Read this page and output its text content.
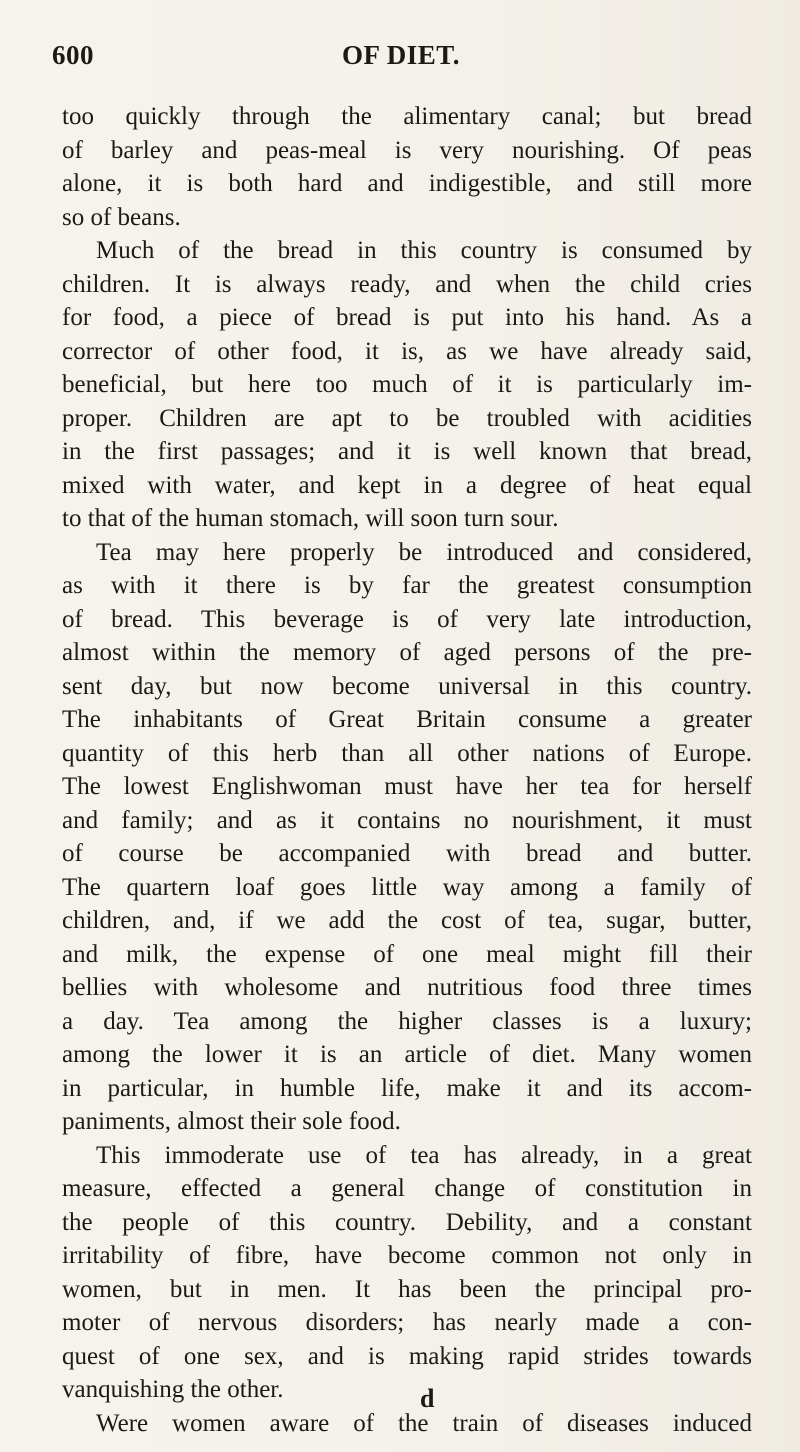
600	OF DIET.
too quickly through the alimentary canal; but bread
of barley and peas-meal is very nourishing. Of peas
alone, it is both hard and indigestible, and still more
so of beans.
Much of the bread in this country is consumed by
children. It is always ready, and when the child cries
for food, a piece of bread is put into his hand. As a
corrector of other food, it is, as we have already said,
beneficial, but here too much of it is particularly im-
proper. Children are apt to be troubled with acidities
in the first passages; and it is well known that bread,
mixed with water, and kept in a degree of heat equal
to that of the human stomach, will soon turn sour.
Tea may here properly be introduced and considered,
as with it there is by far the greatest consumption
of bread. This beverage is of very late introduction,
almost within the memory of aged persons of the pre-
sent day, but now become universal in this country.
The inhabitants of Great Britain consume a greater
quantity of this herb than all other nations of Europe.
The lowest Englishwoman must have her tea for herself
and family; and as it contains no nourishment, it must
of course be accompanied with bread and butter.
The quartern loaf goes little way among a family of
children, and, if we add the cost of tea, sugar, butter,
and milk, the expense of one meal might fill their
bellies with wholesome and nutritious food three times
a day. Tea among the higher classes is a luxury;
among the lower it is an article of diet. Many women
in particular, in humble life, make it and its accom-
paniments, almost their sole food.
This immoderate use of tea has already, in a great
measure, effected a general change of constitution in
the people of this country. Debility, and a constant
irritability of fibre, have become common not only in
women, but in men. It has been the principal pro-
moter of nervous disorders; has nearly made a con-
quest of one sex, and is making rapid strides towards
vanquishing the other.
Were women aware of the train of diseases induced
d
